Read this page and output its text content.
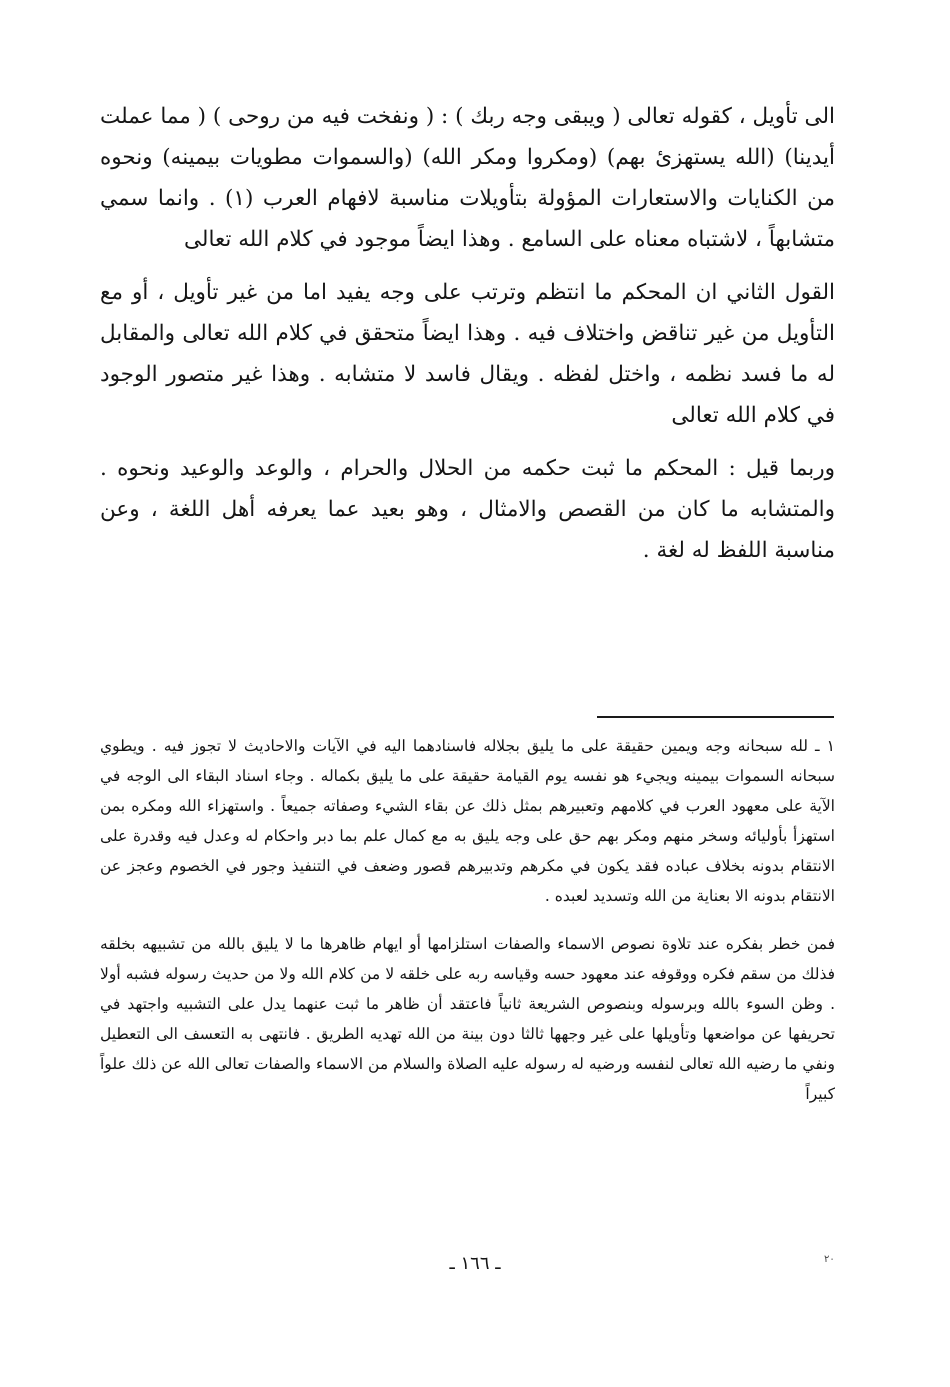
الى تأويل ، كقوله تعالى ( ويبقى وجه ربك ) : ( ونفخت فيه من روحى ) ( مما عملت أيدينا) (الله يستهزئ بهم) (ومكروا ومكر الله) (والسموات مطويات بيمينه) ونحوه من الكنايات والاستعارات المؤولة بتأويلات مناسبة لافهام العرب (١) . وانما سمي متشابهاً ، لاشتباه معناه على السامع . وهذا ايضاً موجود في كلام الله تعالى

القول الثاني ان المحكم ما انتظم وترتب على وجه يفيد اما من غير تأويل ، أو مع التأويل من غير تناقض واختلاف فيه . وهذا ايضاً متحقق في كلام الله تعالى والمقابل له ما فسد نظمه ، واختل لفظه . ويقال فاسد لا متشابه . وهذا غير متصور الوجود في كلام الله تعالى

وربما قيل : المحكم ما ثبت حكمه من الحلال والحرام ، والوعد والوعيد ونحوه . والمتشابه ما كان من القصص والامثال ، وهو بعيد عما يعرفه أهل اللغة ، وعن مناسبة اللفظ له لغة .

١ ـ لله سبحانه وجه ويمين حقيقة على ما يليق بجلاله فاسنادهما اليه في الآيات والاحاديث لا تجوز فيه . ويطوي سبحانه السموات بيمينه ويجيء هو نفسه يوم القيامة حقيقة على ما يليق بكماله . وجاء اسناد البقاء الى الوجه في الآية على معهود العرب في كلامهم وتعبيرهم بمثل ذلك عن بقاء الشيء وصفاته جميعاً . واستهزاء الله ومكره بمن استهزأ بأوليائه وسخر منهم ومكر بهم حق على وجه يليق به مع كمال علم بما دبر واحكام له وعدل فيه وقدرة على الانتقام بدونه بخلاف عباده فقد يكون في مكرهم وتدبيرهم قصور وضعف في التنفيذ وجور في الخصوم وعجز عن الانتقام بدونه الا بعناية من الله وتسديد لعبده .

فمن خطر بفكره عند تلاوة نصوص الاسماء والصفات استلزامها أو ايهام ظاهرها ما لا يليق بالله من تشبيهه بخلقه فذلك من سقم فكره ووقوفه عند معهود حسه وقياسه ربه على خلقه لا من كلام الله ولا من حديث رسوله فشبه أولا . وظن السوء بالله وبرسوله وبنصوص الشريعة ثانياً فاعتقد أن ظاهر ما ثبت عنهما يدل على التشبيه واجتهد في تحريفها عن مواضعها وتأويلها على غير وجهها ثالثا دون بينة من الله تهديه الطريق . فانتهى به التعسف الى التعطيل ونفي ما رضيه الله تعالى لنفسه ورضيه له رسوله عليه الصلاة والسلام من الاسماء والصفات تعالى الله عن ذلك علواً كبيراً

ـ ١٦٦ ـ	٢٠
